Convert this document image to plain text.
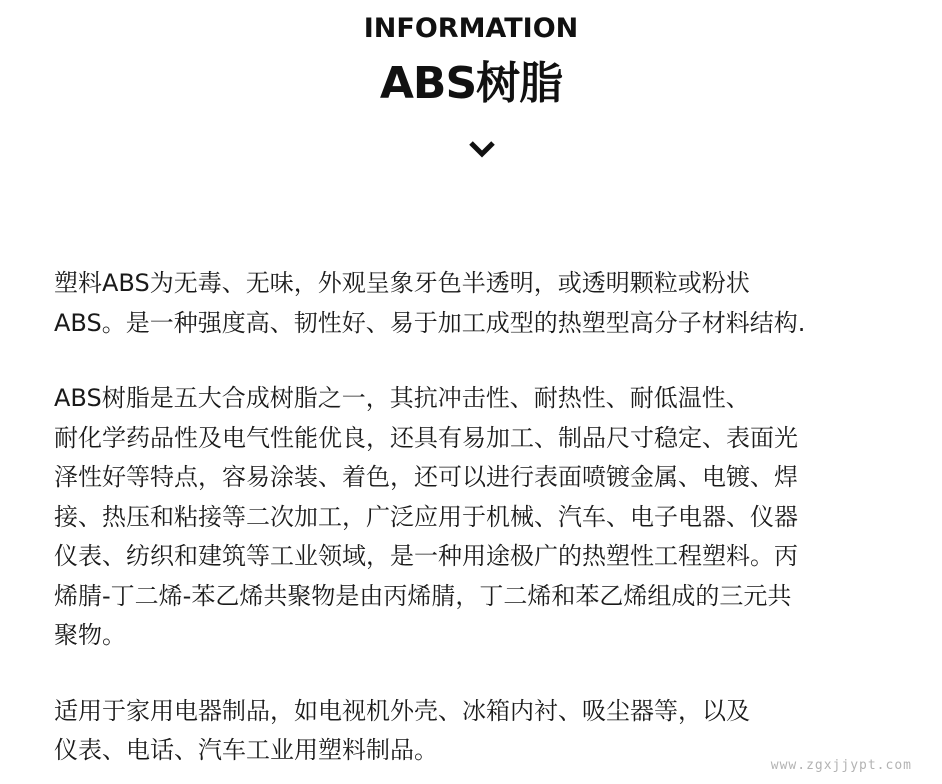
INFORMATION
ABS树脂

塑料ABS为无毒、无味，外观呈象牙色半透明，或透明颗粒或粉状
ABS。是一种强度高、韧性好、易于加工成型的热塑型高分子材料结构.

ABS树脂是五大合成树脂之一，其抗冲击性、耐热性、耐低温性、
耐化学药品性及电气性能优良，还具有易加工、制品尺寸稳定、表面光
泽性好等特点，容易涂装、着色，还可以进行表面喷镀金属、电镀、焊
接、热压和粘接等二次加工，广泛应用于机械、汽车、电子电器、仪器
仪表、纺织和建筑等工业领域，是一种用途极广的热塑性工程塑料。丙
烯腈-丁二烯-苯乙烯共聚物是由丙烯腈，丁二烯和苯乙烯组成的三元共
聚物。

适用于家用电器制品，如电视机外壳、冰箱内衬、吸尘器等，以及
仪表、电话、汽车工业用塑料制品。

www.zgxjjypt.com
